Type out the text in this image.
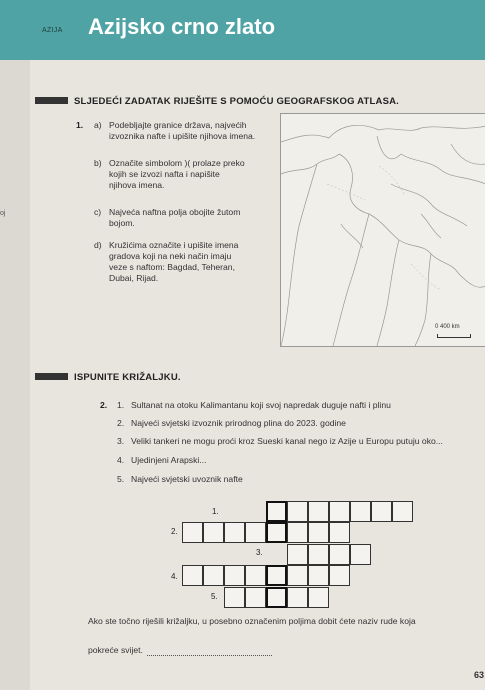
oj
AZIJA Azijsko crno zlato
SLJEDEĆI ZADATAK RIJEŠITE S POMOĆU GEOGRAFSKOG ATLASA.
1. a) Podebljajte granice država, najvećih
izvoznika nafte i upišite njihova imena.
b) Označite simbolom )( prolaze preko
kojih se izvozi nafta i napišite
njihova imena.
c) Najveća naftna polja obojite žutom
bojom.
d) Kružićima označite i upišite imena
gradova koji na neki način imaju
veze s naftom: Bagdad, Teheran,
Dubai, Rijad.
0 400 km
ISPUNITE KRIŽALJKU.
2. 1. Sultanat na otoku Kalimantanu koji svoj napredak duguje nafti i plinu
2. Najveći svjetski izvoznik prirodnog plina do 2023. godine
3. Veliki tankeri ne mogu proći kroz Sueski kanal nego iz Azije u Europu putuju oko...
4. Ujedinjeni Arapski...
5. Najveći svjetski uvoznik nafte
1.
2.
3.
4.
5.
Ako ste točno riješili križaljku, u posebno označenim poljima dobit ćete naziv rude koja
pokreće svijet.
63
